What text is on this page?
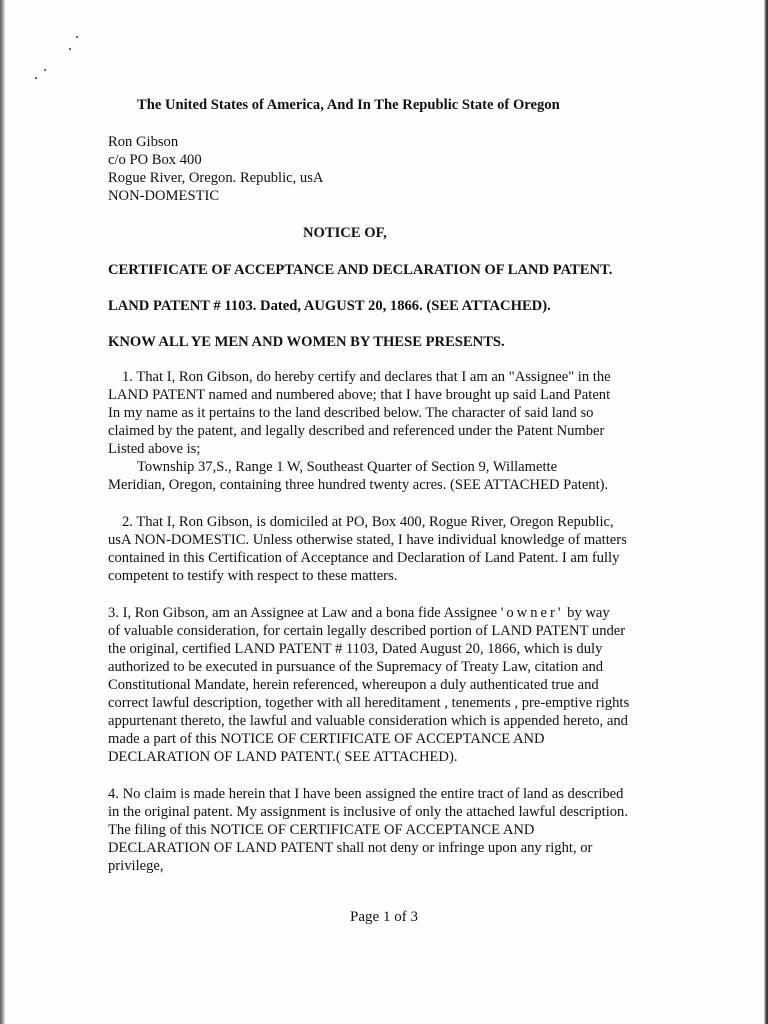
The United States of America, And In The Republic State of Oregon

Ron Gibson

c/o PO Box 400

Rogue River, Oregon. Republic, usA

NON-DOMESTIC

NOTICE OF,

CERTIFICATE OF ACCEPTANCE AND DECLARATION OF LAND PATENT.

LAND PATENT # 1103. Dated, AUGUST 20, 1866. (SEE ATTACHED).

KNOW ALL YE MEN AND WOMEN BY THESE PRESENTS.

1. That I, Ron Gibson, do hereby certify and declares that I am an "Assignee" in the

LAND PATENT named and numbered above; that I have brought up said Land Patent

In my name as it pertains to the land described below. The character of said land so

claimed by the patent, and legally described and referenced under the Patent Number

Listed above is;

Township 37,S., Range 1 W, Southeast Quarter of Section 9, Willamette

Meridian, Oregon, containing three hundred twenty acres. (SEE ATTACHED Patent).

2. That I, Ron Gibson, is domiciled at PO, Box 400, Rogue River, Oregon Republic,

usA NON-DOMESTIC. Unless otherwise stated, I have individual knowledge of matters

contained in this Certification of Acceptance and Declaration of Land Patent. I am fully

competent to testify with respect to these matters.

3. I, Ron Gibson, am an Assignee at Law and a bona fide Assignee 'owner' by way

of valuable consideration, for certain legally described portion of LAND PATENT under

the original, certified LAND PATENT # 1103, Dated August 20, 1866, which is duly

authorized to be executed in pursuance of the Supremacy of Treaty Law, citation and

Constitutional Mandate, herein referenced, whereupon a duly authenticated true and

correct lawful description, together with all hereditament , tenements , pre-emptive rights

appurtenant thereto, the lawful and valuable consideration which is appended hereto, and

made a part of this NOTICE OF CERTIFICATE OF ACCEPTANCE AND

DECLARATION OF LAND PATENT.( SEE ATTACHED).

4. No claim is made herein that I have been assigned the entire tract of land as described

in the original patent. My assignment is inclusive of only the attached lawful description.

The filing of this NOTICE OF CERTIFICATE OF ACCEPTANCE AND

DECLARATION OF LAND PATENT shall not deny or infringe upon any right, or

privilege,

Page 1 of 3
